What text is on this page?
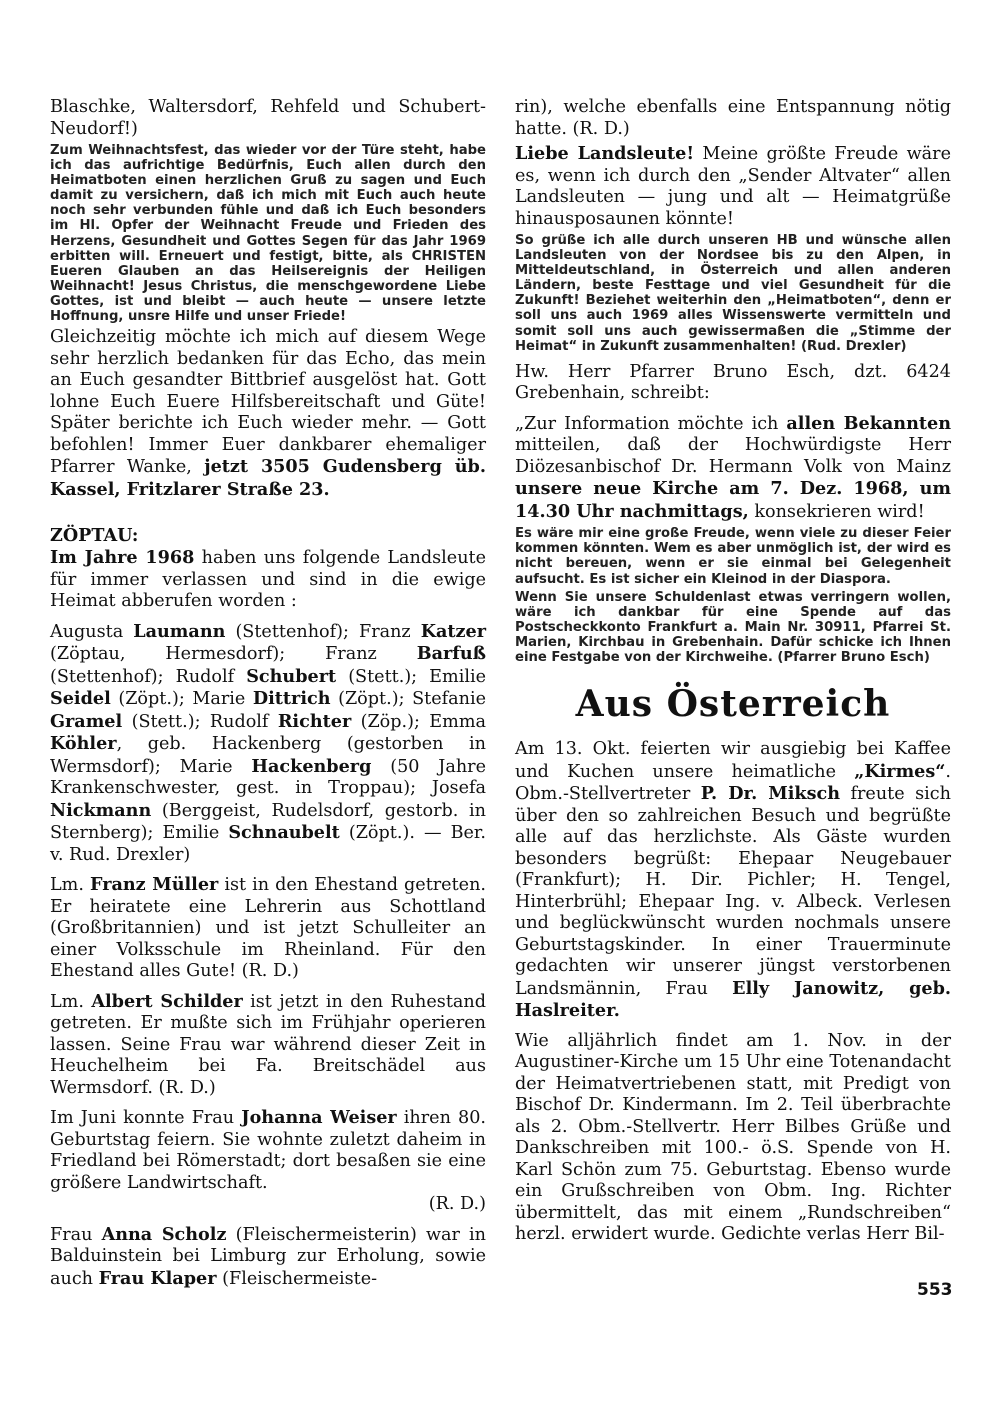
Blaschke, Waltersdorf, Rehfeld und Schubert-Neudorf!)

Zum Weihnachtsfest, das wieder vor der Türe steht, habe ich das aufrichtige Bedürfnis, Euch allen durch den Heimatboten einen herzlichen Gruß zu sagen und Euch damit zu versichern, daß ich mich mit Euch auch heute noch sehr verbunden fühle und daß ich Euch besonders im Hl. Opfer der Weihnacht Freude und Frieden des Herzens, Gesundheit und Gottes Segen für das Jahr 1969 erbitten will. Erneuert und festigt, bitte, als CHRISTEN Eueren Glauben an das Heilsereignis der Heiligen Weihnacht! Jesus Christus, die menschgewordene Liebe Gottes, ist und bleibt — auch heute — unsere letzte Hoffnung, unsre Hilfe und unser Friede!

Gleichzeitig möchte ich mich auf diesem Wege sehr herzlich bedanken für das Echo, das mein an Euch gesandter Bittbrief ausgelöst hat. Gott lohne Euch Euere Hilfsbereitschaft und Güte! Später berichte ich Euch wieder mehr. — Gott befohlen! Immer Euer dankbarer ehemaliger Pfarrer Wanke, jetzt 3505 Gudensberg üb. Kassel, Fritzlarer Straße 23.

ZÖPTAU:

Im Jahre 1968 haben uns folgende Landsleute für immer verlassen und sind in die ewige Heimat abberufen worden :

Augusta Laumann (Stettenhof); Franz Katzer (Zöptau, Hermesdorf); Franz Barfuß (Stettenhof); Rudolf Schubert (Stett.); Emilie Seidel (Zöpt.); Marie Dittrich (Zöpt.); Stefanie Gramel (Stett.); Rudolf Richter (Zöp.); Emma Köhler, geb. Hackenberg (gestorben in Wermsdorf); Marie Hackenberg (50 Jahre Krankenschwester, gest. in Troppau); Josefa Nickmann (Berggeist, Rudelsdorf, gestorb. in Sternberg); Emilie Schnaubelt (Zöpt.). — Ber. v. Rud. Drexler)

Lm. Franz Müller ist in den Ehestand getreten. Er heiratete eine Lehrerin aus Schottland (Großbritannien) und ist jetzt Schulleiter an einer Volksschule im Rheinland. Für den Ehestand alles Gute! (R. D.)

Lm. Albert Schilder ist jetzt in den Ruhestand getreten. Er mußte sich im Frühjahr operieren lassen. Seine Frau war während dieser Zeit in Heuchelheim bei Fa. Breitschädel aus Wermsdorf. (R. D.)

Im Juni konnte Frau Johanna Weiser ihren 80. Geburtstag feiern. Sie wohnte zuletzt daheim in Friedland bei Römerstadt; dort besaßen sie eine größere Landwirtschaft.

(R. D.)

Frau Anna Scholz (Fleischermeisterin) war in Balduinstein bei Limburg zur Erholung, sowie auch Frau Klaper (Fleischermeiste-

rin), welche ebenfalls eine Entspannung nötig hatte. (R. D.)

Liebe Landsleute! Meine größte Freude wäre es, wenn ich durch den „Sender Altvater“ allen Landsleuten — jung und alt — Heimatgrüße hinausposaunen könnte!

So grüße ich alle durch unseren HB und wünsche allen Landsleuten von der Nordsee bis zu den Alpen, in Mitteldeutschland, in Österreich und allen anderen Ländern, beste Festtage und viel Gesundheit für die Zukunft! Beziehet weiterhin den „Heimatboten“, denn er soll uns auch 1969 alles Wissenswerte vermitteln und somit soll uns auch gewissermaßen die „Stimme der Heimat“ in Zukunft zusammenhalten! (Rud. Drexler)

Hw. Herr Pfarrer Bruno Esch, dzt. 6424 Grebenhain, schreibt:

„Zur Information möchte ich allen Bekannten mitteilen, daß der Hochwürdigste Herr Diözesanbischof Dr. Hermann Volk von Mainz unsere neue Kirche am 7. Dez. 1968, um 14.30 Uhr nachmittags, konsekrieren wird!

Es wäre mir eine große Freude, wenn viele zu dieser Feier kommen könnten. Wem es aber unmöglich ist, der wird es nicht bereuen, wenn er sie einmal bei Gelegenheit aufsucht. Es ist sicher ein Kleinod in der Diaspora.

Wenn Sie unsere Schuldenlast etwas verringern wollen, wäre ich dankbar für eine Spende auf das Postscheckkonto Frankfurt a. Main Nr. 30911, Pfarrei St. Marien, Kirchbau in Grebenhain. Dafür schicke ich Ihnen eine Festgabe von der Kirchweihe. (Pfarrer Bruno Esch)

Aus Österreich

Am 13. Okt. feierten wir ausgiebig bei Kaffee und Kuchen unsere heimatliche „Kirmes“. Obm.-Stellvertreter P. Dr. Miksch freute sich über den so zahlreichen Besuch und begrüßte alle auf das herzlichste. Als Gäste wurden besonders begrüßt: Ehepaar Neugebauer (Frankfurt); H. Dir. Pichler; H. Tengel, Hinterbrühl; Ehepaar Ing. v. Albeck. Verlesen und beglückwünscht wurden nochmals unsere Geburtstagskinder. In einer Trauerminute gedachten wir unserer jüngst verstorbenen Landsmännin, Frau Elly Janowitz, geb. Haslreiter.

Wie alljährlich findet am 1. Nov. in der Augustiner-Kirche um 15 Uhr eine Totenandacht der Heimatvertriebenen statt, mit Predigt von Bischof Dr. Kindermann. Im 2. Teil überbrachte als 2. Obm.-Stellvertr. Herr Bilbes Grüße und Dankschreiben mit 100.- ö.S. Spende von H. Karl Schön zum 75. Geburtstag. Ebenso wurde ein Grußschreiben von Obm. Ing. Richter übermittelt, das mit einem „Rundschreiben“ herzl. erwidert wurde. Gedichte verlas Herr Bil-

553
